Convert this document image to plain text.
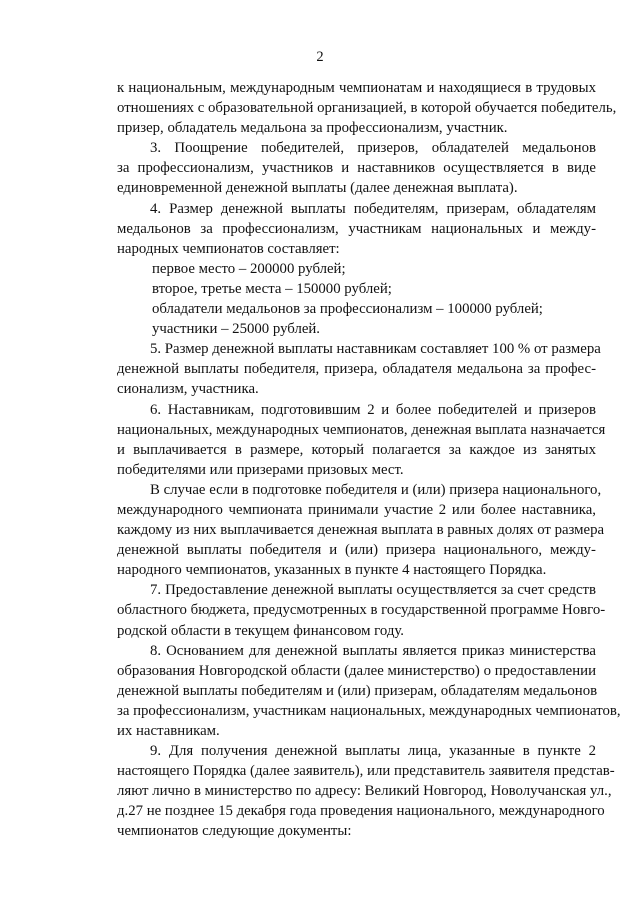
2
к национальным, международным чемпионатам и находящиеся в трудовых
отношениях с образовательной организацией, в которой обучается победитель,
призер, обладатель медальона за профессионализм, участник.
3. Поощрение победителей, призеров, обладателей медальонов
за профессионализм, участников и наставников осуществляется в виде
единовременной денежной выплаты (далее денежная выплата).
4. Размер денежной выплаты победителям, призерам, обладателям
медальонов за профессионализм, участникам национальных и между-
народных чемпионатов составляет:
первое место – 200000 рублей;
второе, третье места – 150000 рублей;
обладатели медальонов за профессионализм – 100000 рублей;
участники – 25000 рублей.
5. Размер денежной выплаты наставникам составляет 100 % от размера
денежной выплаты победителя, призера, обладателя медальона за профес-
сионализм, участника.
6. Наставникам, подготовившим 2 и более победителей и призеров
национальных, международных чемпионатов, денежная выплата назначается
и выплачивается в размере, который полагается за каждое из занятых
победителями или призерами призовых мест.
В случае если в подготовке победителя и (или) призера национального,
международного чемпионата принимали участие 2 или более наставника,
каждому из них выплачивается денежная выплата в равных долях от размера
денежной выплаты победителя и (или) призера национального, между-
народного чемпионатов, указанных в пункте 4 настоящего Порядка.
7. Предоставление денежной выплаты осуществляется за счет средств
областного бюджета, предусмотренных в государственной программе Новго-
родской области в текущем финансовом году.
8. Основанием для денежной выплаты является приказ министерства
образования Новгородской области (далее министерство) о предоставлении
денежной выплаты победителям и (или) призерам, обладателям медальонов
за профессионализм, участникам национальных, международных чемпионатов,
их наставникам.
9. Для получения денежной выплаты лица, указанные в пункте 2
настоящего Порядка (далее заявитель), или представитель заявителя представ-
ляют лично в министерство по адресу: Великий Новгород, Новолучанская ул.,
д.27 не позднее 15 декабря года проведения национального, международного
чемпионатов следующие документы:
